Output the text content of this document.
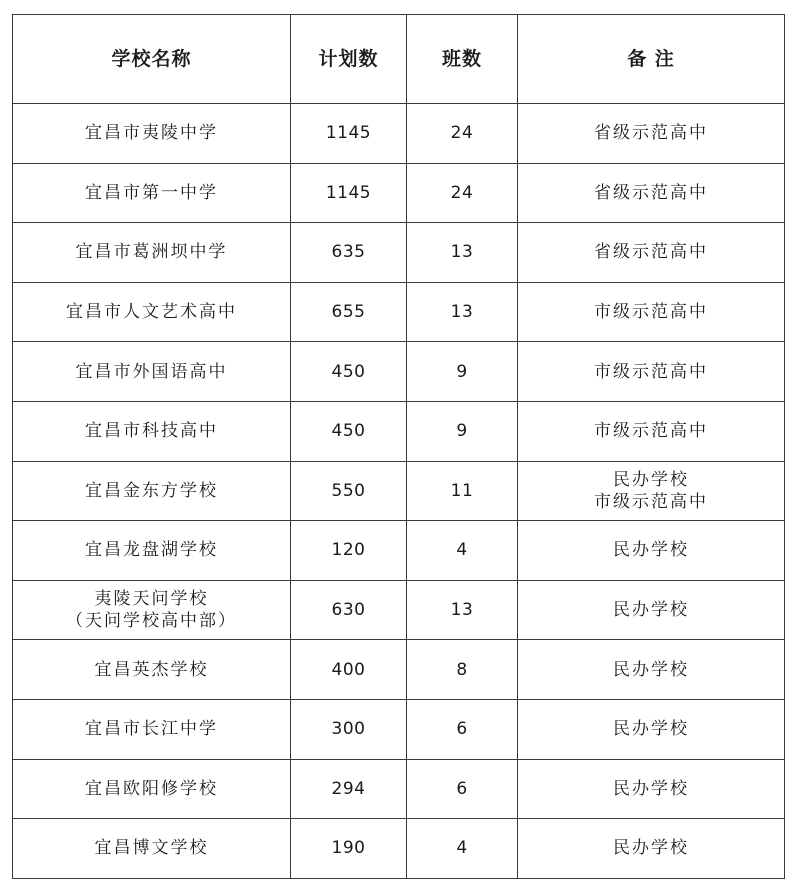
学校名称	计划数	班数	备 注

宜昌市夷陵中学	1145	24	省级示范高中

宜昌市第一中学	1145	24	省级示范高中

宜昌市葛洲坝中学	635	13	省级示范高中

宜昌市人文艺术高中	655	13	市级示范高中

宜昌市外国语高中	450	9	市级示范高中

宜昌市科技高中	450	9	市级示范高中

宜昌金东方学校	550	11	民办学校
市级示范高中

宜昌龙盘湖学校	120	4	民办学校

夷陵天问学校
（天问学校高中部）	630	13	民办学校

宜昌英杰学校	400	8	民办学校

宜昌市长江中学	300	6	民办学校

宜昌欧阳修学校	294	6	民办学校

宜昌博文学校	190	4	民办学校
